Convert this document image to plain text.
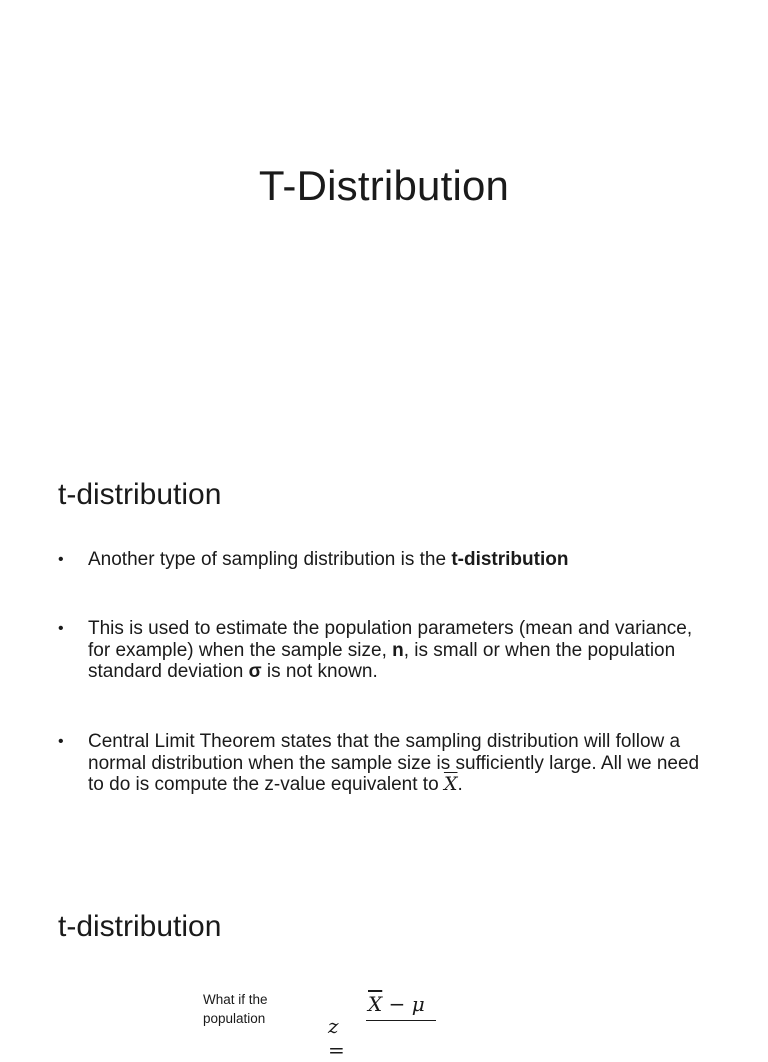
T-Distribution
t-distribution
•	Another type of sampling distribution is the t-distribution
•	This is used to estimate the population parameters (mean and variance, for example) when the sample size, n, is small or when the population standard deviation σ is not known.
•	Central Limit Theorem states that the sampling distribution will follow a normal distribution when the sample size is sufficiently large. All we need to do is compute the z-value equivalent to $\overline{X}$.
t-distribution
What if the
population	z =
$\overline{X} - \mu$
